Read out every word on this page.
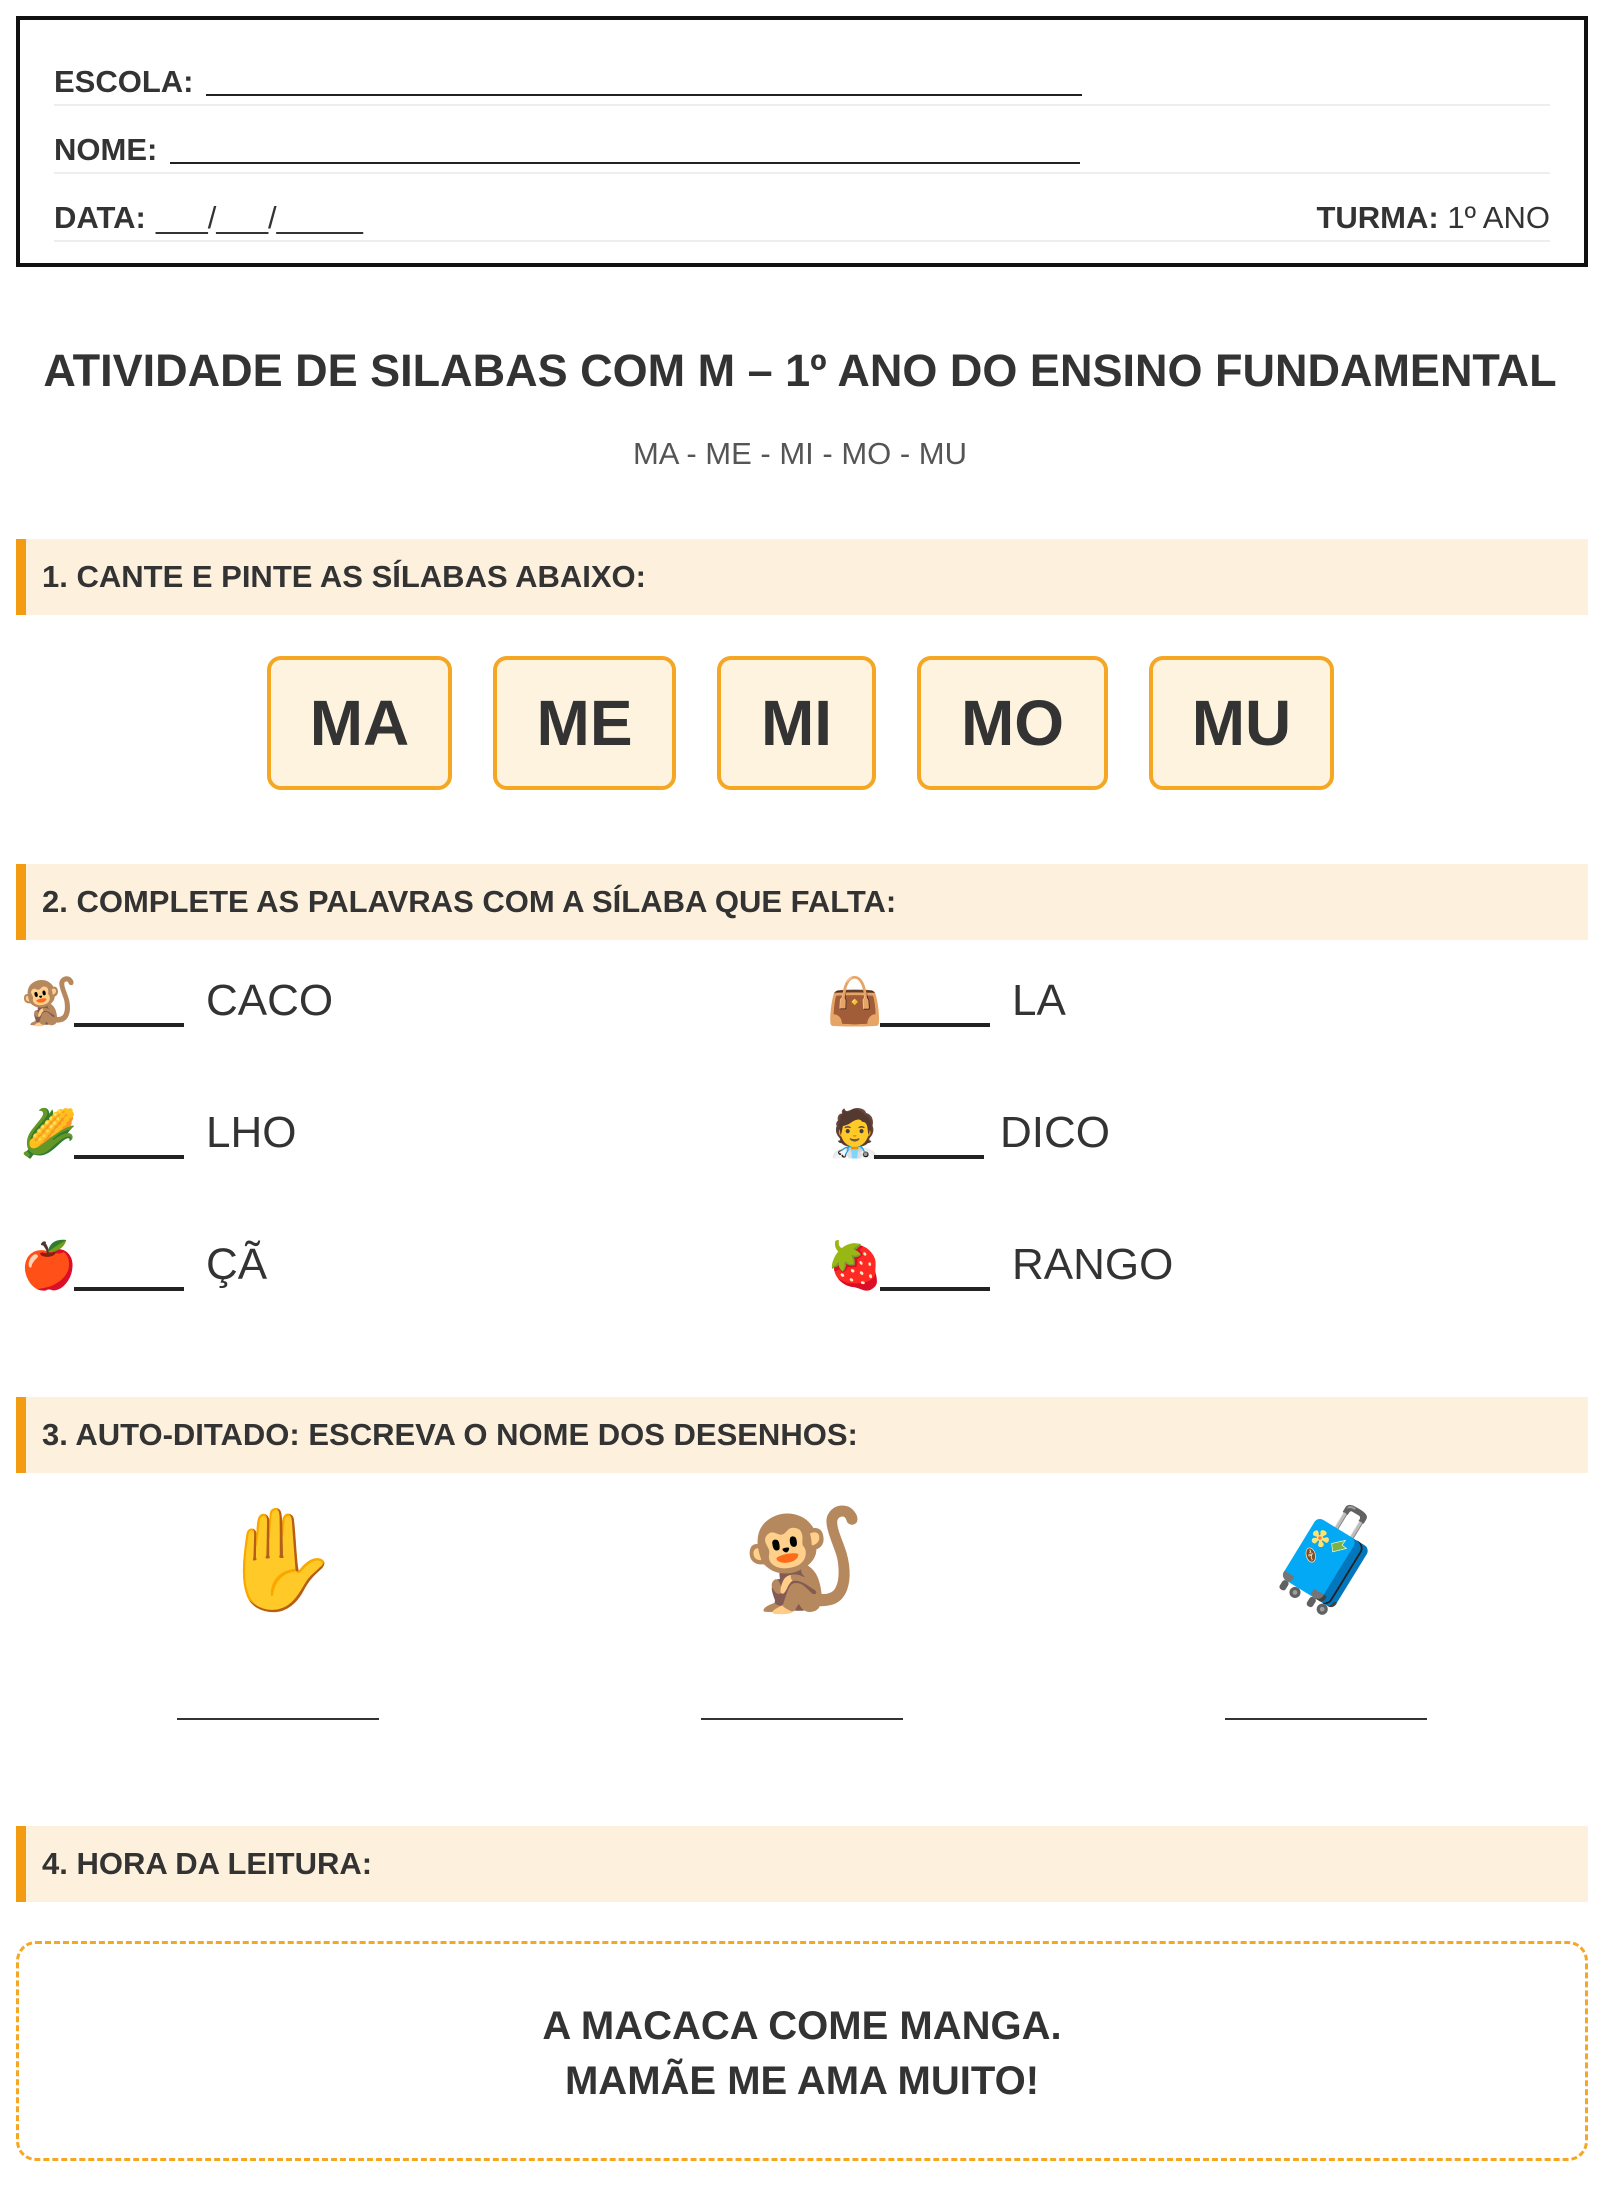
ESCOLA:
NOME:
DATA: ___/___/_____	TURMA: 1º ANO
ATIVIDADE DE SILABAS COM M – 1º ANO DO ENSINO FUNDAMENTAL
MA - ME - MI - MO - MU
1. CANTE E PINTE AS SÍLABAS ABAIXO:
MA	ME	MI	MO	MU
2. COMPLETE AS PALAVRAS COM A SÍLABA QUE FALTA:
🐒	CACO	👜	LA
🌽	LHO	🧑‍⚕️	DICO
🍎	ÇÃ	🍓	RANGO
3. AUTO-DITADO: ESCREVA O NOME DOS DESENHOS:
✋	🐒	🧳
4. HORA DA LEITURA:
A MACACA COME MANGA.
MAMÃE ME AMA MUITO!
